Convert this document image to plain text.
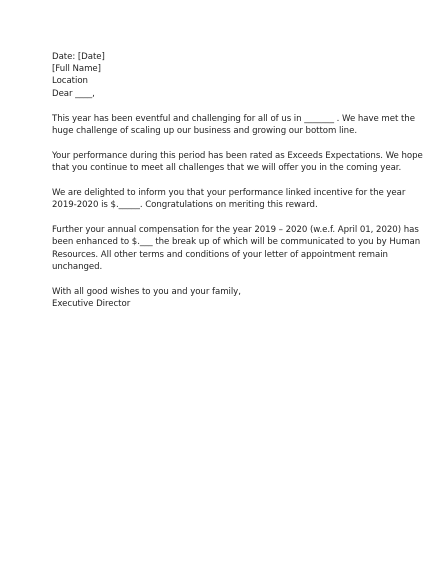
Date: [Date]
[Full Name]
Location
Dear ____,
This year has been eventful and challenging for all of us in _______ . We have met the
huge challenge of scaling up our business and growing our bottom line.
Your performance during this period has been rated as Exceeds Expectations. We hope
that you continue to meet all challenges that we will offer you in the coming year.
We are delighted to inform you that your performance linked incentive for the year
2019-2020 is $._____. Congratulations on meriting this reward.
Further your annual compensation for the year 2019 – 2020 (w.e.f. April 01, 2020) has
been enhanced to $.___ the break up of which will be communicated to you by Human
Resources. All other terms and conditions of your letter of appointment remain
unchanged.
With all good wishes to you and your family,
Executive Director
